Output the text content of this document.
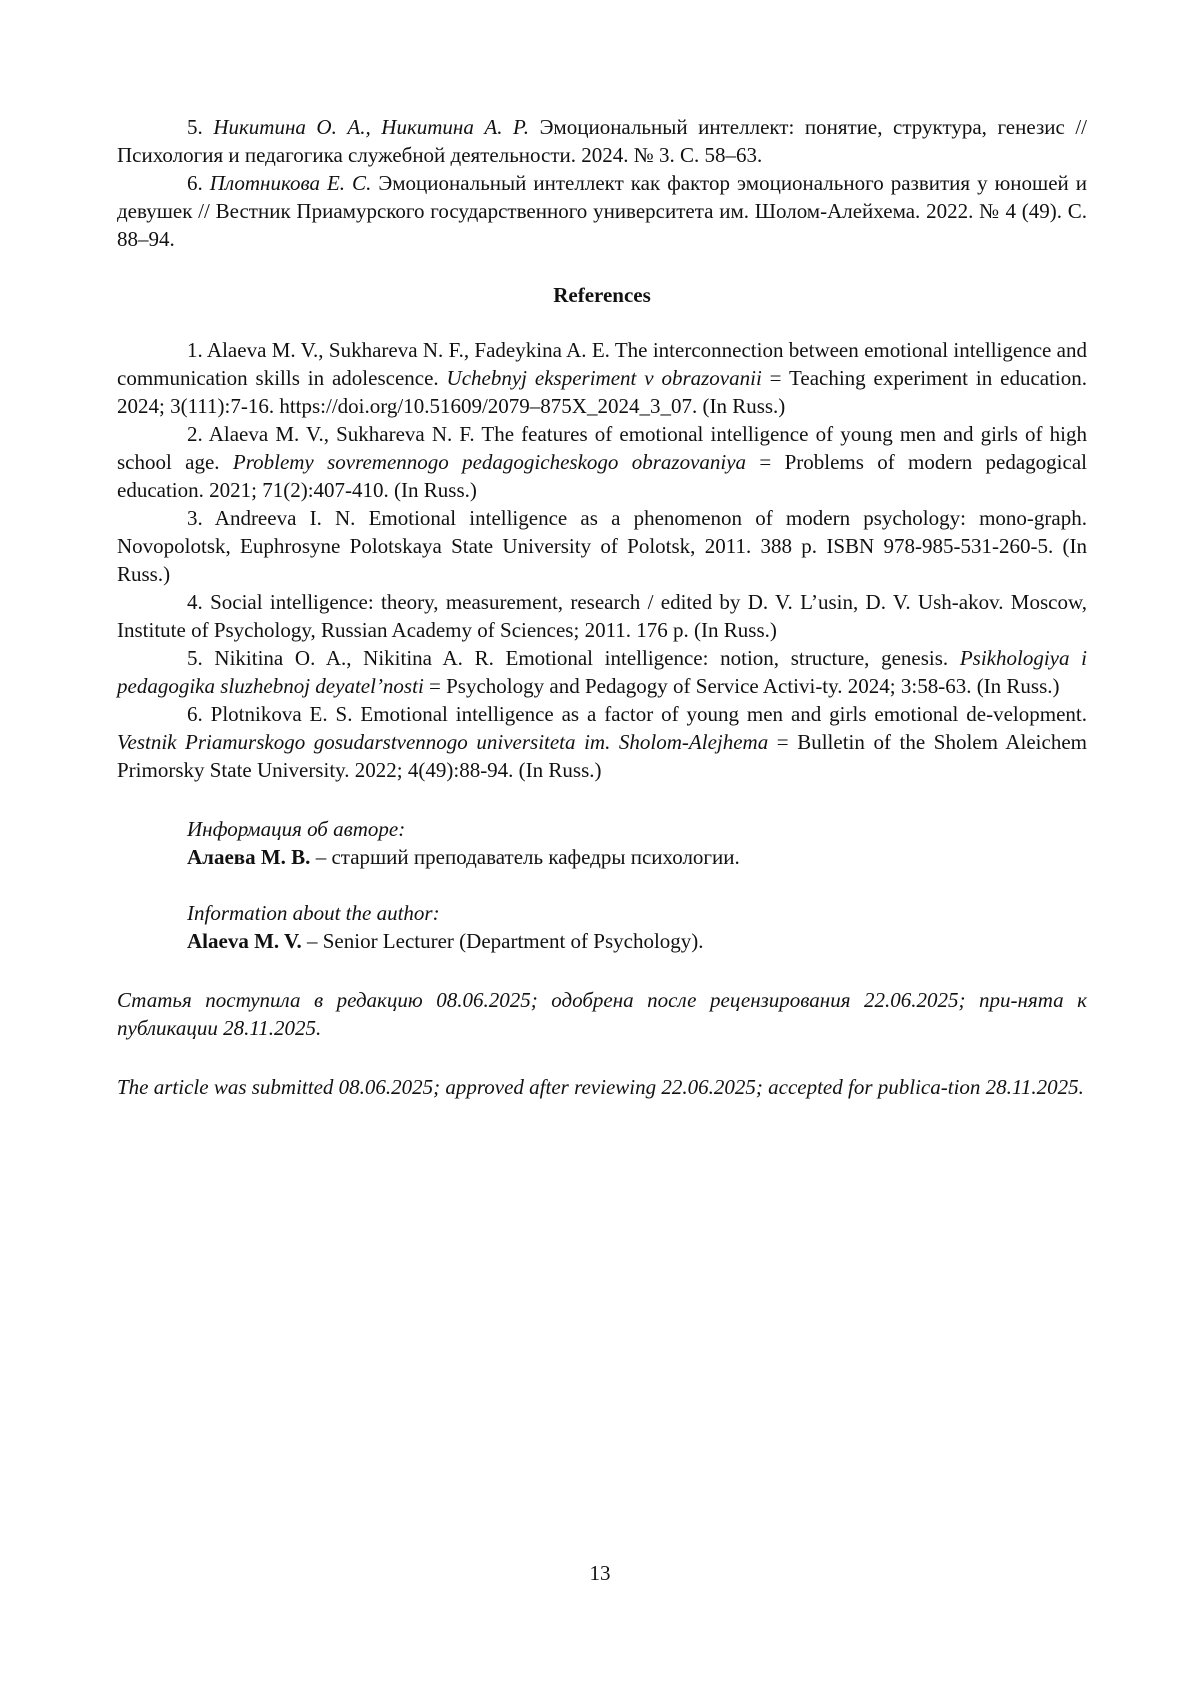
5. Никитина О. А., Никитина А. Р. Эмоциональный интеллект: понятие, структура, генезис // Психология и педагогика служебной деятельности. 2024. № 3. С. 58–63.

6. Плотникова Е. С. Эмоциональный интеллект как фактор эмоционального развития у юношей и девушек // Вестник Приамурского государственного университета им. Шолом-Алейхема. 2022. № 4 (49). С. 88–94.

References

1. Alaeva M. V., Sukhareva N. F., Fadeykina A. E. The interconnection between emotional intelligence and communication skills in adolescence. Uchebnyj eksperiment v obrazovanii = Teaching experiment in education. 2024; 3(111):7-16. https://doi.org/10.51609/2079–875X_2024_3_07. (In Russ.)

2. Alaeva M. V., Sukhareva N. F. The features of emotional intelligence of young men and girls of high school age. Problemy sovremennogo pedagogicheskogo obrazovaniya = Problems of modern pedagogical education. 2021; 71(2):407-410. (In Russ.)

3. Andreeva I. N. Emotional intelligence as a phenomenon of modern psychology: mono-graph. Novopolotsk, Euphrosyne Polotskaya State University of Polotsk, 2011. 388 p. ISBN 978-985-531-260-5. (In Russ.)

4. Social intelligence: theory, measurement, research / edited by D. V. L’usin, D. V. Ush-akov. Moscow, Institute of Psychology, Russian Academy of Sciences; 2011. 176 p. (In Russ.)

5. Nikitina O. A., Nikitina A. R. Emotional intelligence: notion, structure, genesis. Psikhologiya i pedagogika sluzhebnoj deyatel’nosti = Psychology and Pedagogy of Service Activi-ty. 2024; 3:58-63. (In Russ.)

6. Plotnikova E. S. Emotional intelligence as a factor of young men and girls emotional de-velopment. Vestnik Priamurskogo gosudarstvennogo universiteta im. Sholom-Alejhema = Bulletin of the Sholem Aleichem Primorsky State University. 2022; 4(49):88-94. (In Russ.)

Информация об авторе:
Алаева М. В. – старший преподаватель кафедры психологии.
Information about the author:
Alaeva M. V. – Senior Lecturer (Department of Psychology).

Статья поступила в редакцию 08.06.2025; одобрена после рецензирования 22.06.2025; при-нята к публикации 28.11.2025.

The article was submitted 08.06.2025; approved after reviewing 22.06.2025; accepted for publica-tion 28.11.2025.

13
